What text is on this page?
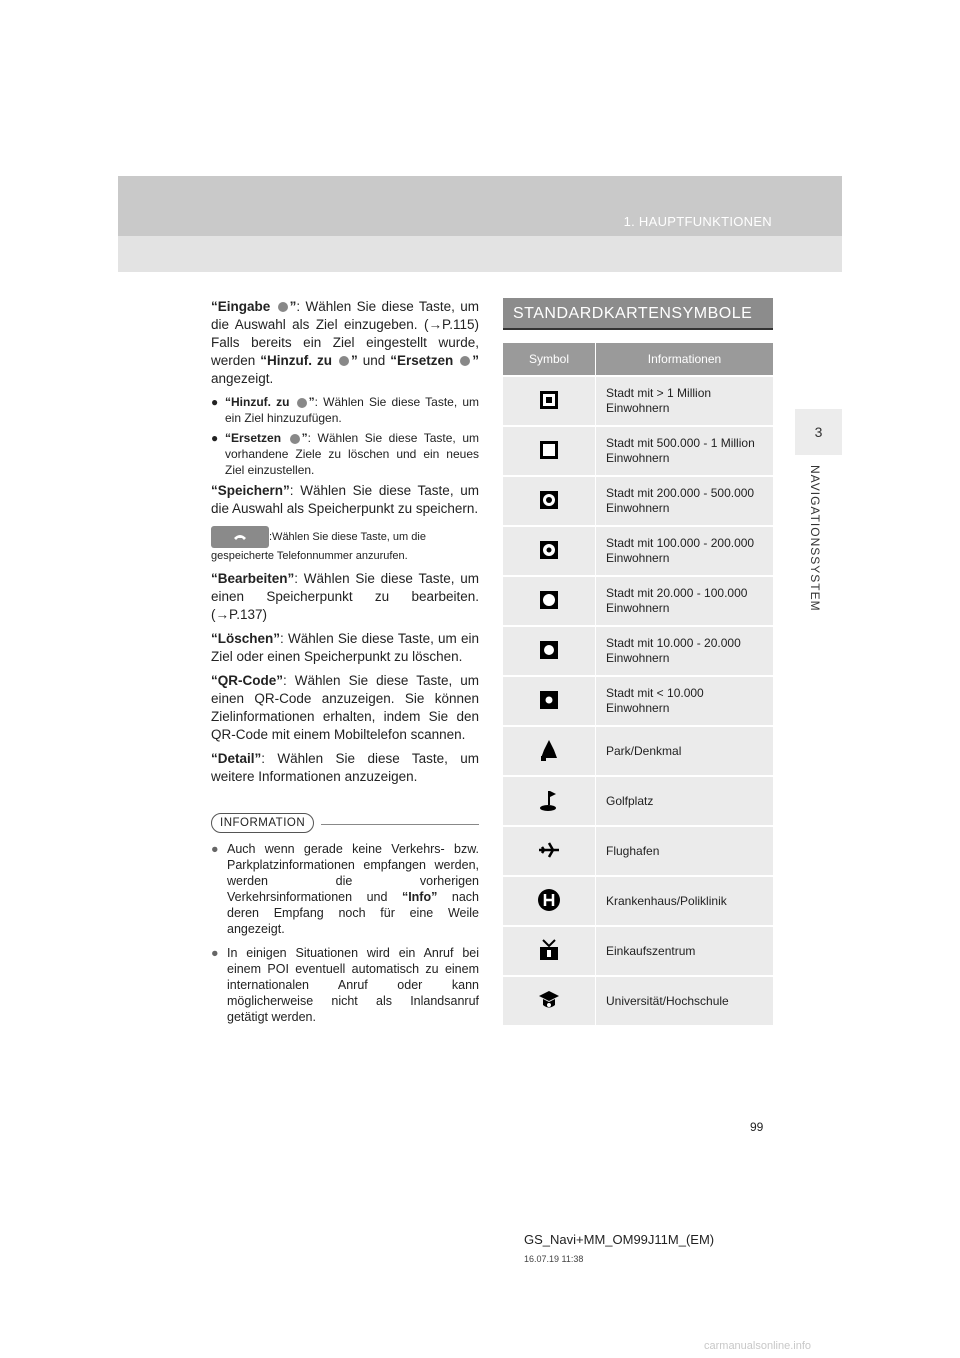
1. HAUPTFUNKTIONEN
3
NAVIGATIONSSYSTEM

“Eingabe ”: Wählen Sie diese Taste, um die Auswahl als Ziel einzugeben. (→P.115) Falls bereits ein Ziel eingestellt wurde, werden “Hinzuf. zu ” und “Ersetzen ” angezeigt.

● “Hinzuf. zu ”: Wählen Sie diese Taste, um ein Ziel hinzuzufügen.
● “Ersetzen ”: Wählen Sie diese Taste, um vorhandene Ziele zu löschen und ein neues Ziel einzustellen.

“Speichern”: Wählen Sie diese Taste, um die Auswahl als Speicherpunkt zu speichern.

:Wählen Sie diese Taste, um die gespeicherte Telefonnummer anzurufen.

“Bearbeiten”: Wählen Sie diese Taste, um einen Speicherpunkt zu bearbeiten. (→P.137)

“Löschen”: Wählen Sie diese Taste, um ein Ziel oder einen Speicherpunkt zu löschen.

“QR-Code”: Wählen Sie diese Taste, um einen QR-Code anzuzeigen. Sie können Zielinformationen erhalten, indem Sie den QR-Code mit einem Mobiltelefon scannen.

“Detail”: Wählen Sie diese Taste, um weitere Informationen anzuzeigen.

INFORMATION
● Auch wenn gerade keine Verkehrs- bzw. Parkplatzinformationen empfangen werden, werden die vorherigen Verkehrsinformationen und “Info” nach deren Empfang noch für eine Weile angezeigt.
● In einigen Situationen wird ein Anruf bei einem POI eventuell automatisch zu einem internationalen Anruf oder kann möglicherweise nicht als Inlandsanruf getätigt werden.
STANDARDKARTENSYMBOLE
Symbol	Informationen
	Stadt mit > 1 Million Einwohnern
	Stadt mit 500.000 - 1 Million Einwohnern
	Stadt mit 200.000 - 500.000 Einwohnern
	Stadt mit 100.000 - 200.000 Einwohnern
	Stadt mit 20.000 - 100.000 Einwohnern
	Stadt mit 10.000 - 20.000 Einwohnern
	Stadt mit < 10.000 Einwohnern
	Park/Denkmal
	Golfplatz
	Flughafen
	Krankenhaus/Poliklinik
	Einkaufszentrum
	Universität/Hochschule
99
GS_Navi+MM_OM99J11M_(EM)
16.07.19 11:38
carmanualsonline.info
